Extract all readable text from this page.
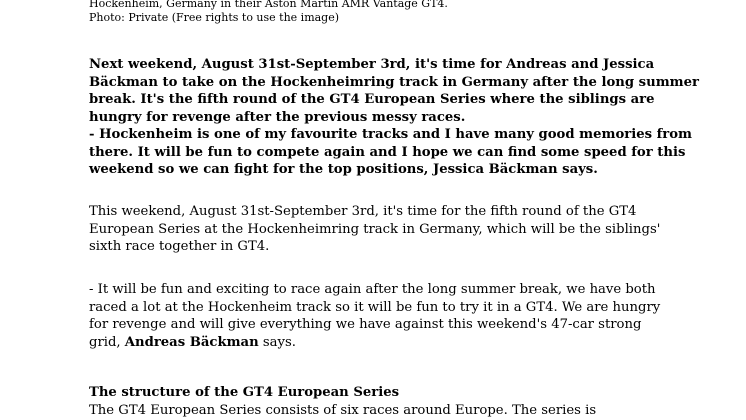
Hockenheim, Germany in their Aston Martin AMR Vantage GT4.

Photo: Private (Free rights to use the image)

Next weekend, August 31st-September 3rd, it's time for Andreas and Jessica
Bäckman to take on the Hockenheimring track in Germany after the long summer
break. It's the fifth round of the GT4 European Series where the siblings are
hungry for revenge after the previous messy races.
- Hockenheim is one of my favourite tracks and I have many good memories from
there. It will be fun to compete again and I hope we can find some speed for this
weekend so we can fight for the top positions, Jessica Bäckman says.

This weekend, August 31st-September 3rd, it's time for the fifth round of the GT4
European Series at the Hockenheimring track in Germany, which will be the siblings'
sixth race together in GT4.

- It will be fun and exciting to race again after the long summer break, we have both
raced a lot at the Hockenheim track so it will be fun to try it in a GT4. We are hungry
for revenge and will give everything we have against this weekend's 47-car strong
grid, Andreas Bäckman says.

The structure of the GT4 European Series

The GT4 European Series consists of six races around Europe. The series is
